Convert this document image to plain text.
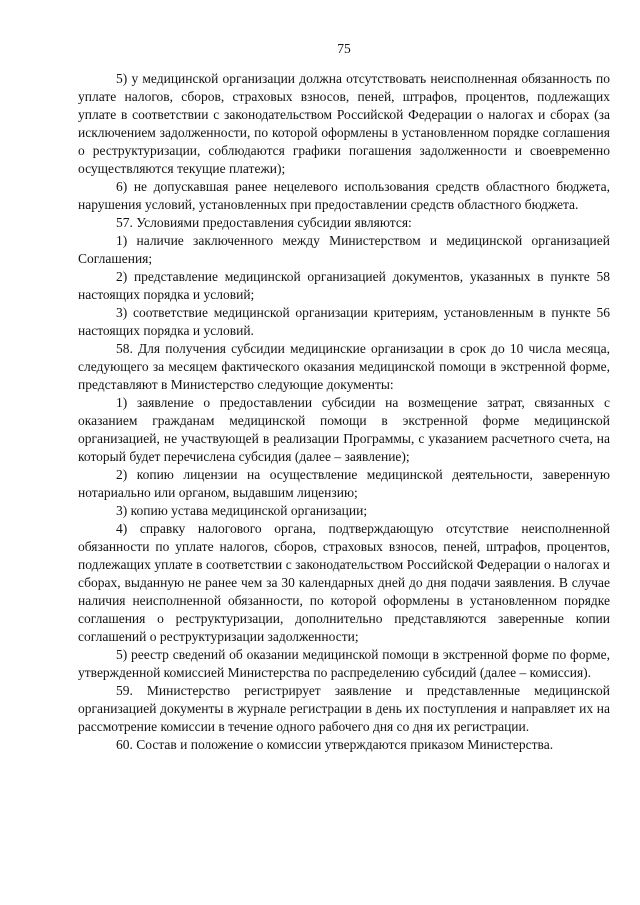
75

5) у медицинской организации должна отсутствовать неисполненная обязанность по уплате налогов, сборов, страховых взносов, пеней, штрафов, процентов, подлежащих уплате в соответствии с законодательством Российской Федерации о налогах и сборах (за исключением задолженности, по которой оформлены в установленном порядке соглашения о реструктуризации, соблюдаются графики погашения задолженности и своевременно осуществляются текущие платежи);

6) не допускавшая ранее нецелевого использования средств областного бюджета, нарушения условий, установленных при предоставлении средств областного бюджета.

57. Условиями предоставления субсидии являются:

1) наличие заключенного между Министерством и медицинской организацией Соглашения;

2) представление медицинской организацией документов, указанных в пункте 58 настоящих порядка и условий;

3) соответствие медицинской организации критериям, установленным в пункте 56 настоящих порядка и условий.

58. Для получения субсидии медицинские организации в срок до 10 числа месяца, следующего за месяцем фактического оказания медицинской помощи в экстренной форме, представляют в Министерство следующие документы:

1) заявление о предоставлении субсидии на возмещение затрат, связанных с оказанием гражданам медицинской помощи в экстренной форме медицинской организацией, не участвующей в реализации Программы, с указанием расчетного счета, на который будет перечислена субсидия (далее – заявление);

2) копию лицензии на осуществление медицинской деятельности, заверенную нотариально или органом, выдавшим лицензию;

3) копию устава медицинской организации;

4) справку налогового органа, подтверждающую отсутствие неисполненной обязанности по уплате налогов, сборов, страховых взносов, пеней, штрафов, процентов, подлежащих уплате в соответствии с законодательством Российской Федерации о налогах и сборах, выданную не ранее чем за 30 календарных дней до дня подачи заявления. В случае наличия неисполненной обязанности, по которой оформлены в установленном порядке соглашения о реструктуризации, дополнительно представляются заверенные копии соглашений о реструктуризации задолженности;

5) реестр сведений об оказании медицинской помощи в экстренной форме по форме, утвержденной комиссией Министерства по распределению субсидий (далее – комиссия).

59. Министерство регистрирует заявление и представленные медицинской организацией документы в журнале регистрации в день их поступления и направляет их на рассмотрение комиссии в течение одного рабочего дня со дня их регистрации.

60. Состав и положение о комиссии утверждаются приказом Министерства.
